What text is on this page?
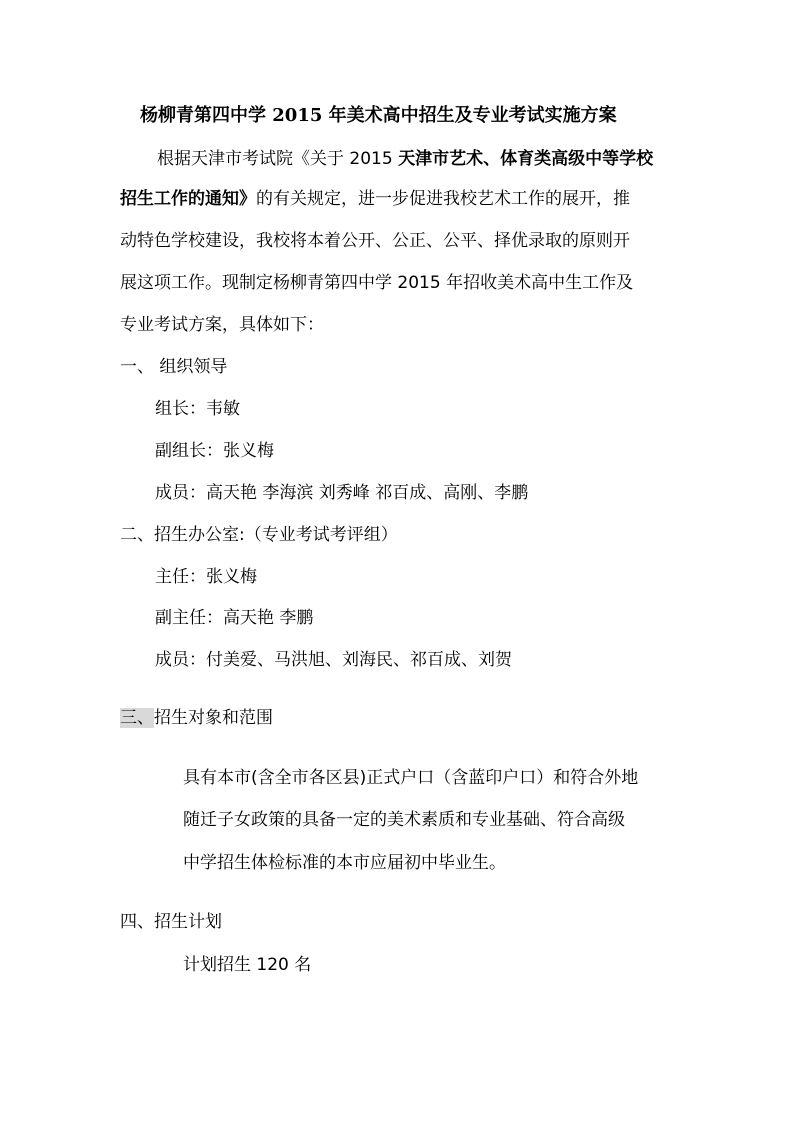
杨柳青第四中学 2015 年美术高中招生及专业考试实施方案
根据天津市考试院《关于 2015 天津市艺术、体育类高级中等学校
招生工作的通知》的有关规定，进一步促进我校艺术工作的展开，推
动特色学校建设，我校将本着公开、公正、公平、择优录取的原则开
展这项工作。现制定杨柳青第四中学 2015 年招收美术高中生工作及
专业考试方案，具体如下：
一、 组织领导
组长：韦敏
副组长：张义梅
成员：高天艳 李海滨 刘秀峰 祁百成、高刚、李鹏
二、招生办公室:（专业考试考评组）
主任：张义梅
副主任：高天艳 李鹏
成员：付美爱、马洪旭、刘海民、祁百成、刘贺
三、招生对象和范围
具有本市(含全市各区县)正式户口（含蓝印户口）和符合外地
随迁子女政策的具备一定的美术素质和专业基础、符合高级
中学招生体检标准的本市应届初中毕业生。
四、招生计划
计划招生 120 名
